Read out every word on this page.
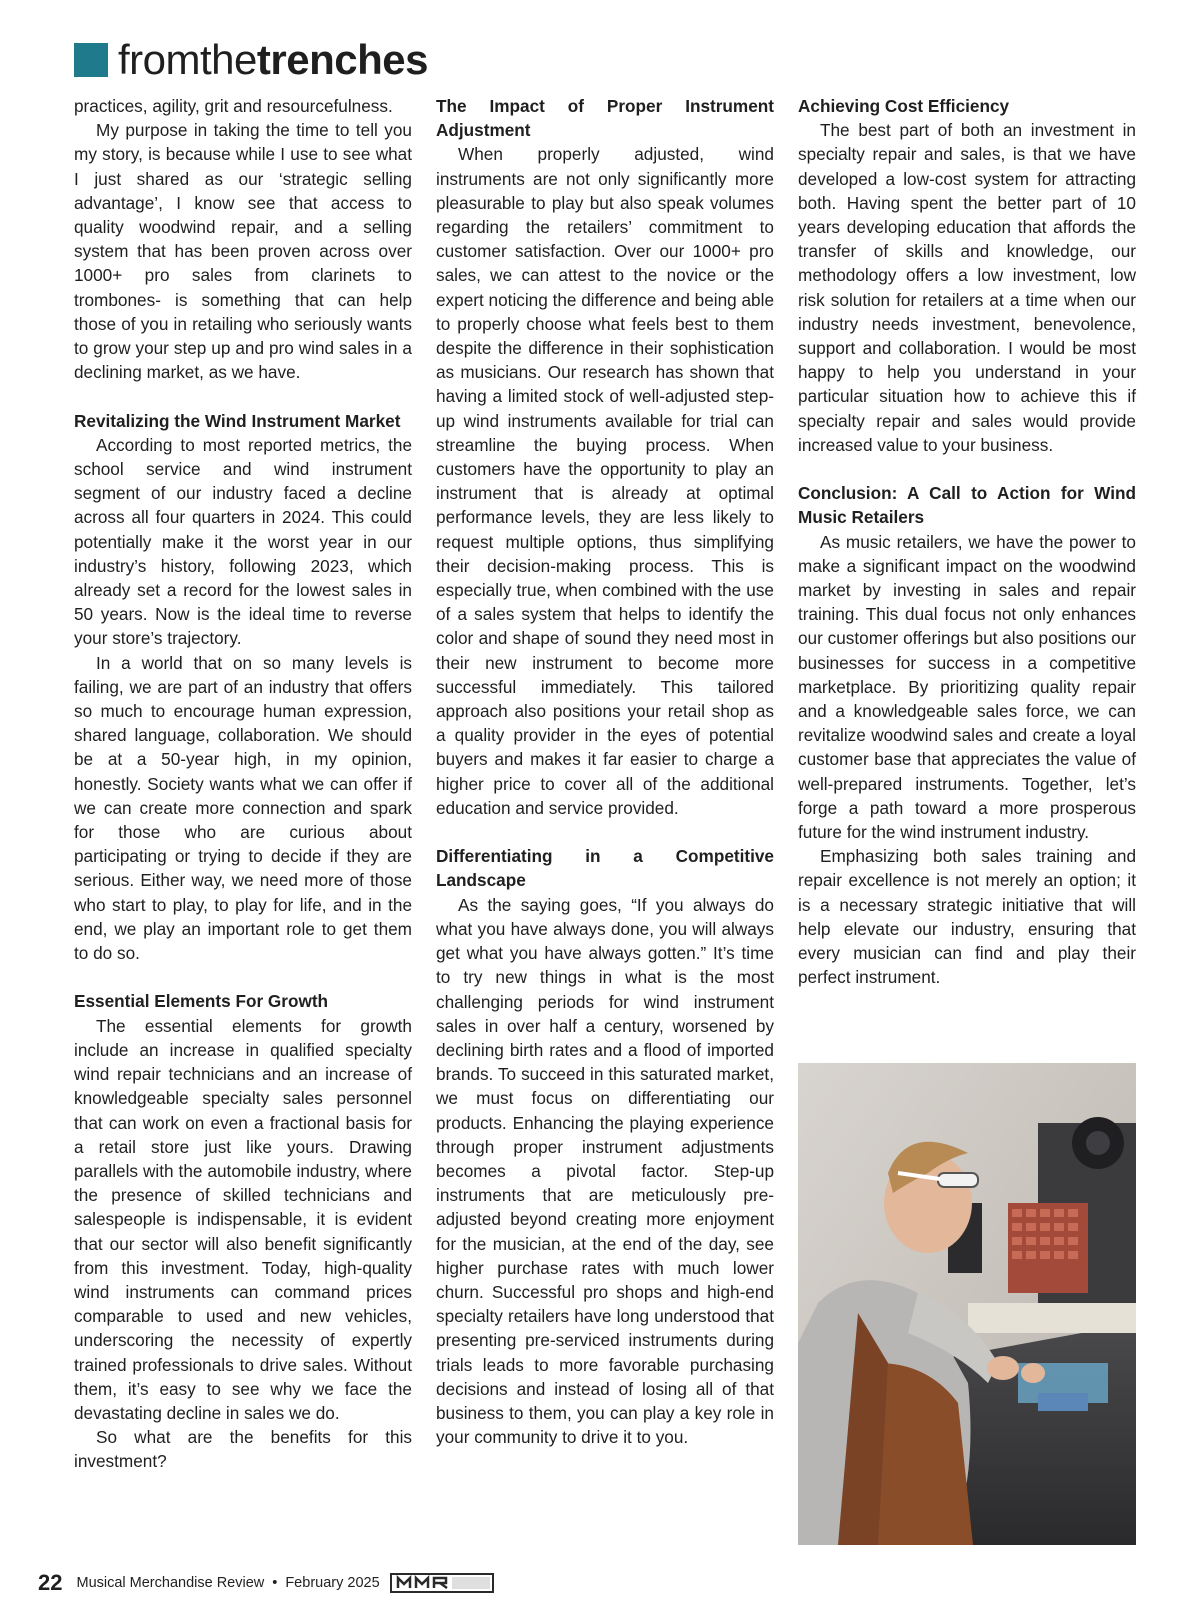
fromthe trenches

practices, agility, grit and resourcefulness.

My purpose in taking the time to tell you my story, is because while I use to see what I just shared as our ‘strategic selling advantage’, I know see that access to quality woodwind repair, and a selling system that has been proven across over 1000+ pro sales from clarinets to trombones- is something that can help those of you in retailing who seriously wants to grow your step up and pro wind sales in a declining market, as we have.

Revitalizing the Wind Instrument Market

According to most reported metrics, the school service and wind instrument segment of our industry faced a decline across all four quarters in 2024. This could potentially make it the worst year in our industry’s history, following 2023, which already set a record for the lowest sales in 50 years. Now is the ideal time to reverse your store’s trajectory.

In a world that on so many levels is failing, we are part of an industry that offers so much to encourage human expression, shared language, collaboration. We should be at a 50-year high, in my opinion, honestly. Society wants what we can offer if we can create more connection and spark for those who are curious about participating or trying to decide if they are serious. Either way, we need more of those who start to play, to play for life, and in the end, we play an important role to get them to do so.

Essential Elements For Growth

The essential elements for growth include an increase in qualified specialty wind repair technicians and an increase of knowledgeable specialty sales personnel that can work on even a fractional basis for a retail store just like yours. Drawing parallels with the automobile industry, where the presence of skilled technicians and salespeople is indispensable, it is evident that our sector will also benefit significantly from this investment. Today, high-quality wind instruments can command prices comparable to used and new vehicles, underscoring the necessity of expertly trained professionals to drive sales. Without them, it’s easy to see why we face the devastating decline in sales we do.

So what are the benefits for this investment?

The Impact of Proper Instrument Adjustment

When properly adjusted, wind instruments are not only significantly more pleasurable to play but also speak volumes regarding the retailers’ commitment to customer satisfaction. Over our 1000+ pro sales, we can attest to the novice or the expert noticing the difference and being able to properly choose what feels best to them despite the difference in their sophistication as musicians. Our research has shown that having a limited stock of well-adjusted step-up wind instruments available for trial can streamline the buying process. When customers have the opportunity to play an instrument that is already at optimal performance levels, they are less likely to request multiple options, thus simplifying their decision-making process. This is especially true, when combined with the use of a sales system that helps to identify the color and shape of sound they need most in their new instrument to become more successful immediately. This tailored approach also positions your retail shop as a quality provider in the eyes of potential buyers and makes it far easier to charge a higher price to cover all of the additional education and service provided.

Differentiating in a Competitive Landscape

As the saying goes, “If you always do what you have always done, you will always get what you have always gotten.” It’s time to try new things in what is the most challenging periods for wind instrument sales in over half a century, worsened by declining birth rates and a flood of imported brands. To succeed in this saturated market, we must focus on differentiating our products. Enhancing the playing experience through proper instrument adjustments becomes a pivotal factor. Step-up instruments that are meticulously pre-adjusted beyond creating more enjoyment for the musician, at the end of the day, see higher purchase rates with much lower churn. Successful pro shops and high-end specialty retailers have long understood that presenting pre-serviced instruments during trials leads to more favorable purchasing decisions and instead of losing all of that business to them, you can play a key role in your community to drive it to you.

Achieving Cost Efficiency

The best part of both an investment in specialty repair and sales, is that we have developed a low-cost system for attracting both. Having spent the better part of 10 years developing education that affords the transfer of skills and knowledge, our methodology offers a low investment, low risk solution for retailers at a time when our industry needs investment, benevolence, support and collaboration. I would be most happy to help you understand in your particular situation how to achieve this if specialty repair and sales would provide increased value to your business.

Conclusion: A Call to Action for Wind Music Retailers

As music retailers, we have the power to make a significant impact on the woodwind market by investing in sales and repair training. This dual focus not only enhances our customer offerings but also positions our businesses for success in a competitive marketplace. By prioritizing quality repair and a knowledgeable sales force, we can revitalize woodwind sales and create a loyal customer base that appreciates the value of well-prepared instruments. Together, let’s forge a path toward a more prosperous future for the wind instrument industry.

Emphasizing both sales training and repair excellence is not merely an option; it is a necessary strategic initiative that will help elevate our industry, ensuring that every musician can find and play their perfect instrument.

22 Musical Merchandise Review • February 2025
